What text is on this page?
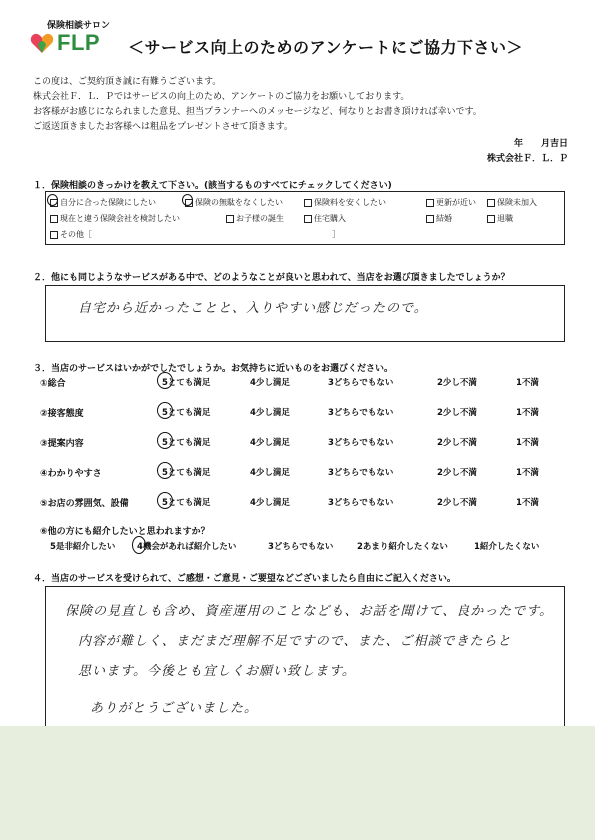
保険相談サロン
FLP ＜サービス向上のためのアンケートにご協力下さい＞
この度は、ご契約頂き誠に有難うございます。
株式会社Ｆ．Ｌ．Ｐではサービスの向上のため、アンケートのご協力をお願いしております。
お客様がお感じになられました意見、担当プランナーへのメッセージなど、何なりとお書き頂ければ幸いです。
ご返送頂きましたお客様へは粗品をプレゼントさせて頂きます。
年　　月吉日
株式会社Ｆ．Ｌ．Ｐ
１．保険相談のきっかけを教えて下さい。(該当するものすべてにチェックしてください)
自分に合った保険にしたい	保険の無駄をなくしたい	保険料を安くしたい	更新が近い	保険未加入
現在と違う保険会社を検討したい	お子様の誕生	住宅購入	結婚	退職
その他［	］
２．他にも同じようなサービスがある中で、どのようなことが良いと思われて、当店をお選び頂きましたでしょうか？
自宅から近かったことと、入りやすい感じだったので。
３．当店のサービスはいかがでしたでしょうか。お気持ちに近いものをお選びください。
①総合	5とても満足	4少し満足	3どちらでもない	2少し不満	1不満
②接客態度	5とても満足	4少し満足	3どちらでもない	2少し不満	1不満
③提案内容	5とても満足	4少し満足	3どちらでもない	2少し不満	1不満
④わかりやすさ	5とても満足	4少し満足	3どちらでもない	2少し不満	1不満
⑤お店の雰囲気、設備	5とても満足	4少し満足	3どちらでもない	2少し不満	1不満
⑥他の方にも紹介したいと思われますか？
5是非紹介したい	4機会があれば紹介したい	3どちらでもない	2あまり紹介したくない	1紹介したくない
４．当店のサービスを受けられて、ご感想・ご意見・ご要望などございましたら自由にご記入ください。
保険の見直しも含め、資産運用のことなども、お話を聞けて、良かったです。
内容が難しく、まだまだ理解不足ですので、また、ご相談できたらと
思います。今後とも宜しくお願い致します。
ありがとうございました。
